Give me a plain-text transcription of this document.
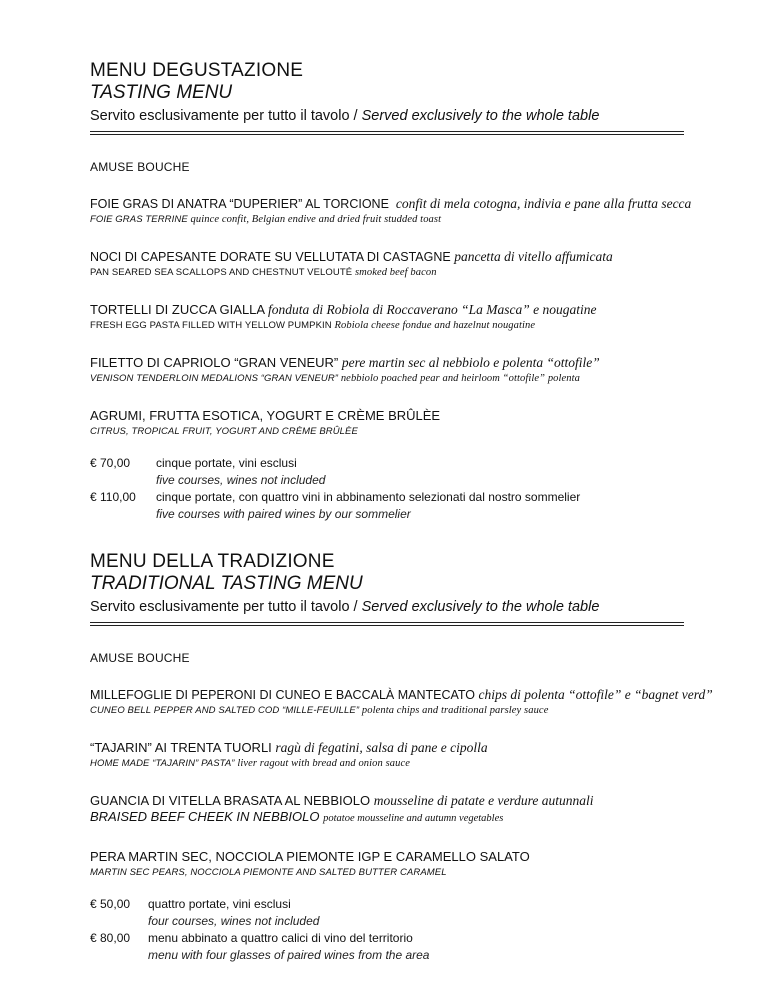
MENU DEGUSTAZIONE
TASTING MENU
Servito esclusivamente per tutto il tavolo / Served exclusively to the whole table
AMUSE BOUCHE
FOIE GRAS DI ANATRA “DUPERIER” AL TORCIONE confit di mela cotogna, indivia e pane alla frutta secca
FOIE GRAS TERRINE quince confit, Belgian endive and dried fruit studded toast
NOCI DI CAPESANTE DORATE SU VELLUTATA DI CASTAGNE pancetta di vitello affumicata
PAN SEARED SEA SCALLOPS AND CHESTNUT VELOUTÉ smoked beef bacon
TORTELLI DI ZUCCA GIALLA fonduta di Robiola di Roccaverano “La Masca” e nougatine
FRESH EGG PASTA FILLED WITH YELLOW PUMPKIN Robiola cheese fondue and hazelnut nougatine
FILETTO DI CAPRIOLO “GRAN VENEUR” pere martin sec al nebbiolo e polenta “ottofile”
VENISON TENDERLOIN MEDALIONS “GRAN VENEUR” nebbiolo poached pear and heirloom “ottofile” polenta
AGRUMI, FRUTTA ESOTICA, YOGURT E CRÈME BRÛLÈE
CITRUS, TROPICAL FRUIT, YOGURT AND CRÈME BRÛLÈE
€ 70,00	cinque portate, vini esclusi
five courses, wines not included
€ 110,00	cinque portate, con quattro vini in abbinamento selezionati dal nostro sommelier
five courses with paired wines by our sommelier
MENU DELLA TRADIZIONE
TRADITIONAL TASTING MENU
Servito esclusivamente per tutto il tavolo / Served exclusively to the whole table
AMUSE BOUCHE
MILLEFOGLIE DI PEPERONI DI CUNEO E BACCALÀ MANTECATO chips di polenta “ottofile” e “bagnet verd”
CUNEO BELL PEPPER AND SALTED COD “MILLE-FEUILLE” polenta chips and traditional parsley sauce
“TAJARIN” AI TRENTA TUORLI ragù di fegatini, salsa di pane e cipolla
HOME MADE “TAJARIN” PASTA” liver ragout with bread and onion sauce
GUANCIA DI VITELLA BRASATA AL NEBBIOLO mousseline di patate e verdure autunnali
BRAISED BEEF CHEEK IN NEBBIOLO potatoe mousseline and autumn vegetables
PERA MARTIN SEC, NOCCIOLA PIEMONTE IGP E CARAMELLO SALATO
MARTIN SEC PEARS, NOCCIOLA PIEMONTE AND SALTED BUTTER CARAMEL
€ 50,00	quattro portate, vini esclusi
four courses, wines not included
€ 80,00	menu abbinato a quattro calici di vino del territorio
menu with four glasses of paired wines from the area
